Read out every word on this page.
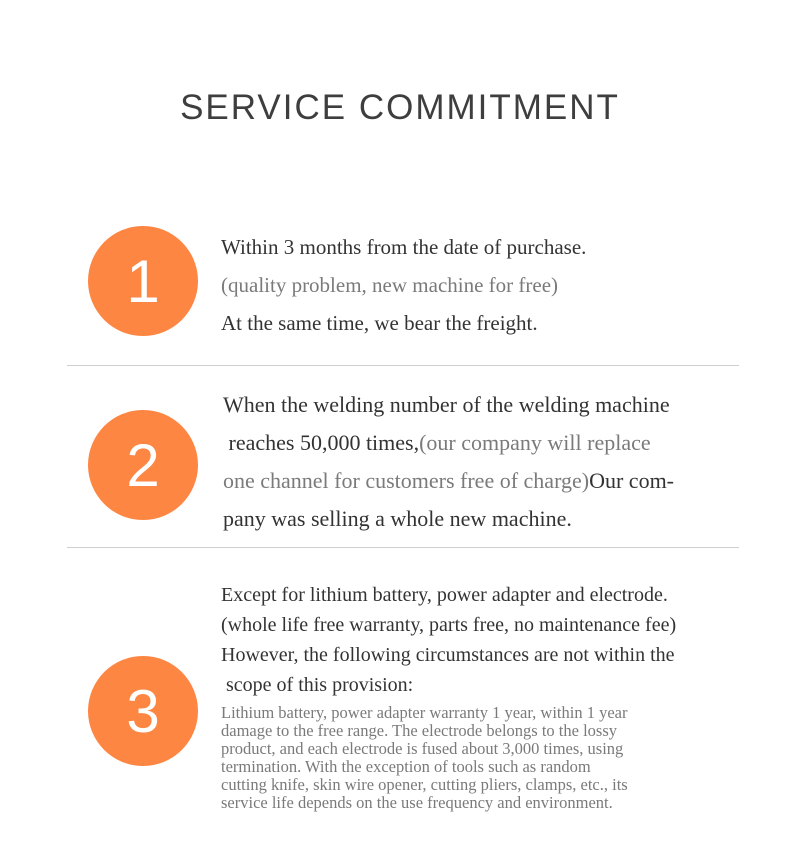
SERVICE COMMITMENT
1
Within 3 months from the date of purchase.
(quality problem, new machine for free)
At the same time, we bear the freight.
2
When the welding number of the welding machine
reaches 50,000 times,(our company will replace
one channel for customers free of charge)Our com-
pany was selling a whole new machine.
3
Except for lithium battery, power adapter and electrode.
(whole life free warranty, parts free, no maintenance fee)
However, the following circumstances are not within the
scope of this provision:
Lithium battery, power adapter warranty 1 year, within 1 year
damage to the free range. The electrode belongs to the lossy
product, and each electrode is fused about 3,000 times, using
termination. With the exception of tools such as random
cutting knife, skin wire opener, cutting pliers, clamps, etc., its
service life depends on the use frequency and environment.
